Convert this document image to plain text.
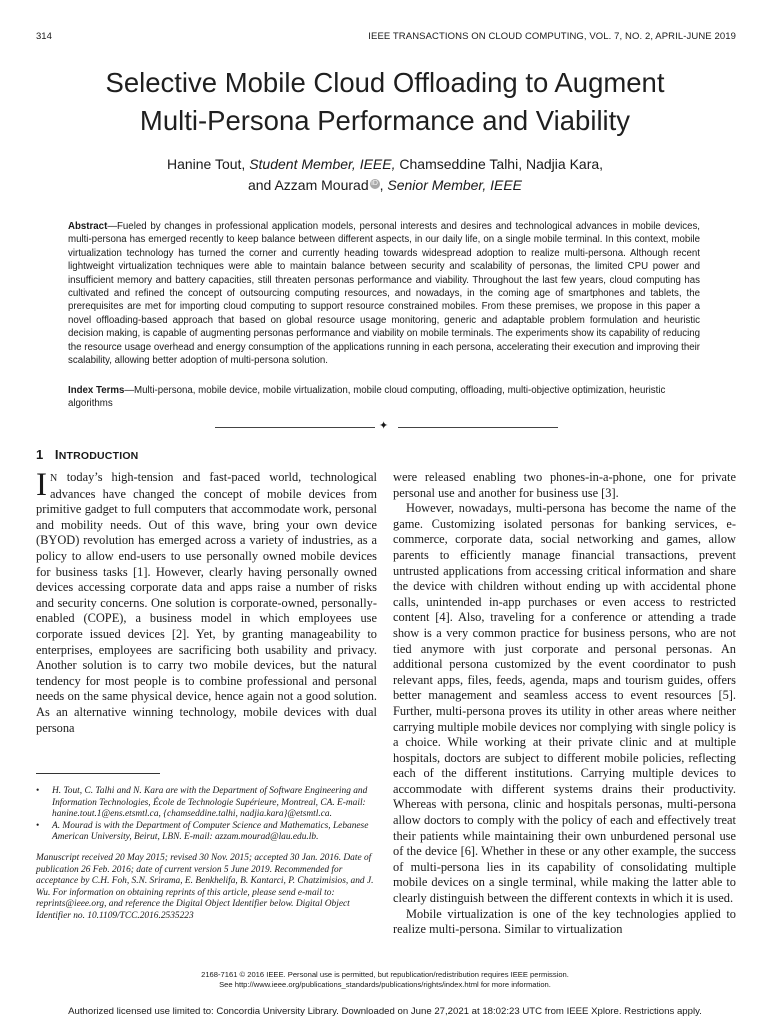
314	IEEE TRANSACTIONS ON CLOUD COMPUTING, VOL. 7, NO. 2, APRIL-JUNE 2019
Selective Mobile Cloud Offloading to Augment
Multi-Persona Performance and Viability
Hanine Tout, Student Member, IEEE, Chamseddine Talhi, Nadjia Kara,
and Azzam Mourad iD , Senior Member, IEEE
Abstract—Fueled by changes in professional application models, personal interests and desires and technological advances in mobile devices, multi-persona has emerged recently to keep balance between different aspects, in our daily life, on a single mobile terminal. In this context, mobile virtualization technology has turned the corner and currently heading towards widespread adoption to realize multi-persona. Although recent lightweight virtualization techniques were able to maintain balance between security and scalability of personas, the limited CPU power and insufficient memory and battery capacities, still threaten personas performance and viability. Throughout the last few years, cloud computing has cultivated and refined the concept of outsourcing computing resources, and nowadays, in the coming age of smartphones and tablets, the prerequisites are met for importing cloud computing to support resource constrained mobiles. From these premises, we propose in this paper a novel offloading-based approach that based on global resource usage monitoring, generic and adaptable problem formulation and heuristic decision making, is capable of augmenting personas performance and viability on mobile terminals. The experiments show its capability of reducing the resource usage overhead and energy consumption of the applications running in each persona, accelerating their execution and improving their scalability, allowing better adoption of multi-persona solution.
Index Terms—Multi-persona, mobile device, mobile virtualization, mobile cloud computing, offloading, multi-objective optimization, heuristic algorithms
✦
1 INTRODUCTION

I N today’s high-tension and fast-paced world, technological advances have changed the concept of mobile devices from primitive gadget to full computers that accommodate work, personal and mobility needs. Out of this wave, bring your own device (BYOD) revolution has emerged across a variety of industries, as a policy to allow end-users to use personally owned mobile devices for business tasks [1]. However, clearly having personally owned devices accessing corporate data and apps raise a number of risks and security concerns. One solution is corporate-owned, personally-enabled (COPE), a business model in which employees use corporate issued devices [2]. Yet, by granting manageability to enterprises, employees are sacrificing both usability and privacy. Another solution is to carry two mobile devices, but the natural tendency for most people is to combine professional and personal needs on the same physical device, hence again not a good solution. As an alternative winning technology, mobile devices with dual persona

were released enabling two phones-in-a-phone, one for private personal use and another for business use [3].

However, nowadays, multi-persona has become the name of the game. Customizing isolated personas for banking services, e-commerce, corporate data, social networking and games, allow parents to efficiently manage financial transactions, prevent untrusted applications from accessing critical information and share the device with children without ending up with accidental phone calls, unintended in-app purchases or even access to restricted content [4]. Also, traveling for a conference or attending a trade show is a very common practice for business persons, who are not tied anymore with just corporate and personal personas. An additional persona customized by the event coordinator to push relevant apps, files, feeds, agenda, maps and tourism guides, offers better management and seamless access to event resources [5]. Further, multi-persona proves its utility in other areas where neither carrying multiple mobile devices nor complying with single policy is a choice. While working at their private clinic and at multiple hospitals, doctors are subject to different mobile policies, reflecting each of the different institutions. Carrying multiple devices to accommodate with different systems drains their productivity. Whereas with persona, clinic and hospitals personas, multi-persona allow doctors to comply with the policy of each and effectively treat their patients while maintaining their own unburdened personal use of the device [6]. Whether in these or any other example, the success of multi-persona lies in its capability of consolidating multiple mobile devices on a single terminal, while making the latter able to clearly distinguish between the different contexts in which it is used.

Mobile virtualization is one of the key technologies applied to realize multi-persona. Similar to virtualization

• H. Tout, C. Talhi and N. Kara are with the Department of Software Engineering and Information Technologies, École de Technologie Supérieure, Montreal, CA. E-mail: hanine.tout.1@ens.etsmtl.ca, {chamseddine.talhi, nadjia.kara}@etsmtl.ca.
• A. Mourad is with the Department of Computer Science and Mathematics, Lebanese American University, Beirut, LBN. E-mail: azzam.mourad@lau.edu.lb.
Manuscript received 20 May 2015; revised 30 Nov. 2015; accepted 30 Jan. 2016. Date of publication 26 Feb. 2016; date of current version 5 June 2019. Recommended for acceptance by C.H. Foh, S.N. Srirama, E. Benkhelifa, B. Kantarci, P. Chatzimisios, and J. Wu. For information on obtaining reprints of this article, please send e-mail to: reprints@ieee.org, and reference the Digital Object Identifier below. Digital Object Identifier no. 10.1109/TCC.2016.2535223
2168-7161 © 2016 IEEE. Personal use is permitted, but republication/redistribution requires IEEE permission.
See http://www.ieee.org/publications_standards/publications/rights/index.html for more information.
Authorized licensed use limited to: Concordia University Library. Downloaded on June 27,2021 at 18:02:23 UTC from IEEE Xplore. Restrictions apply.
